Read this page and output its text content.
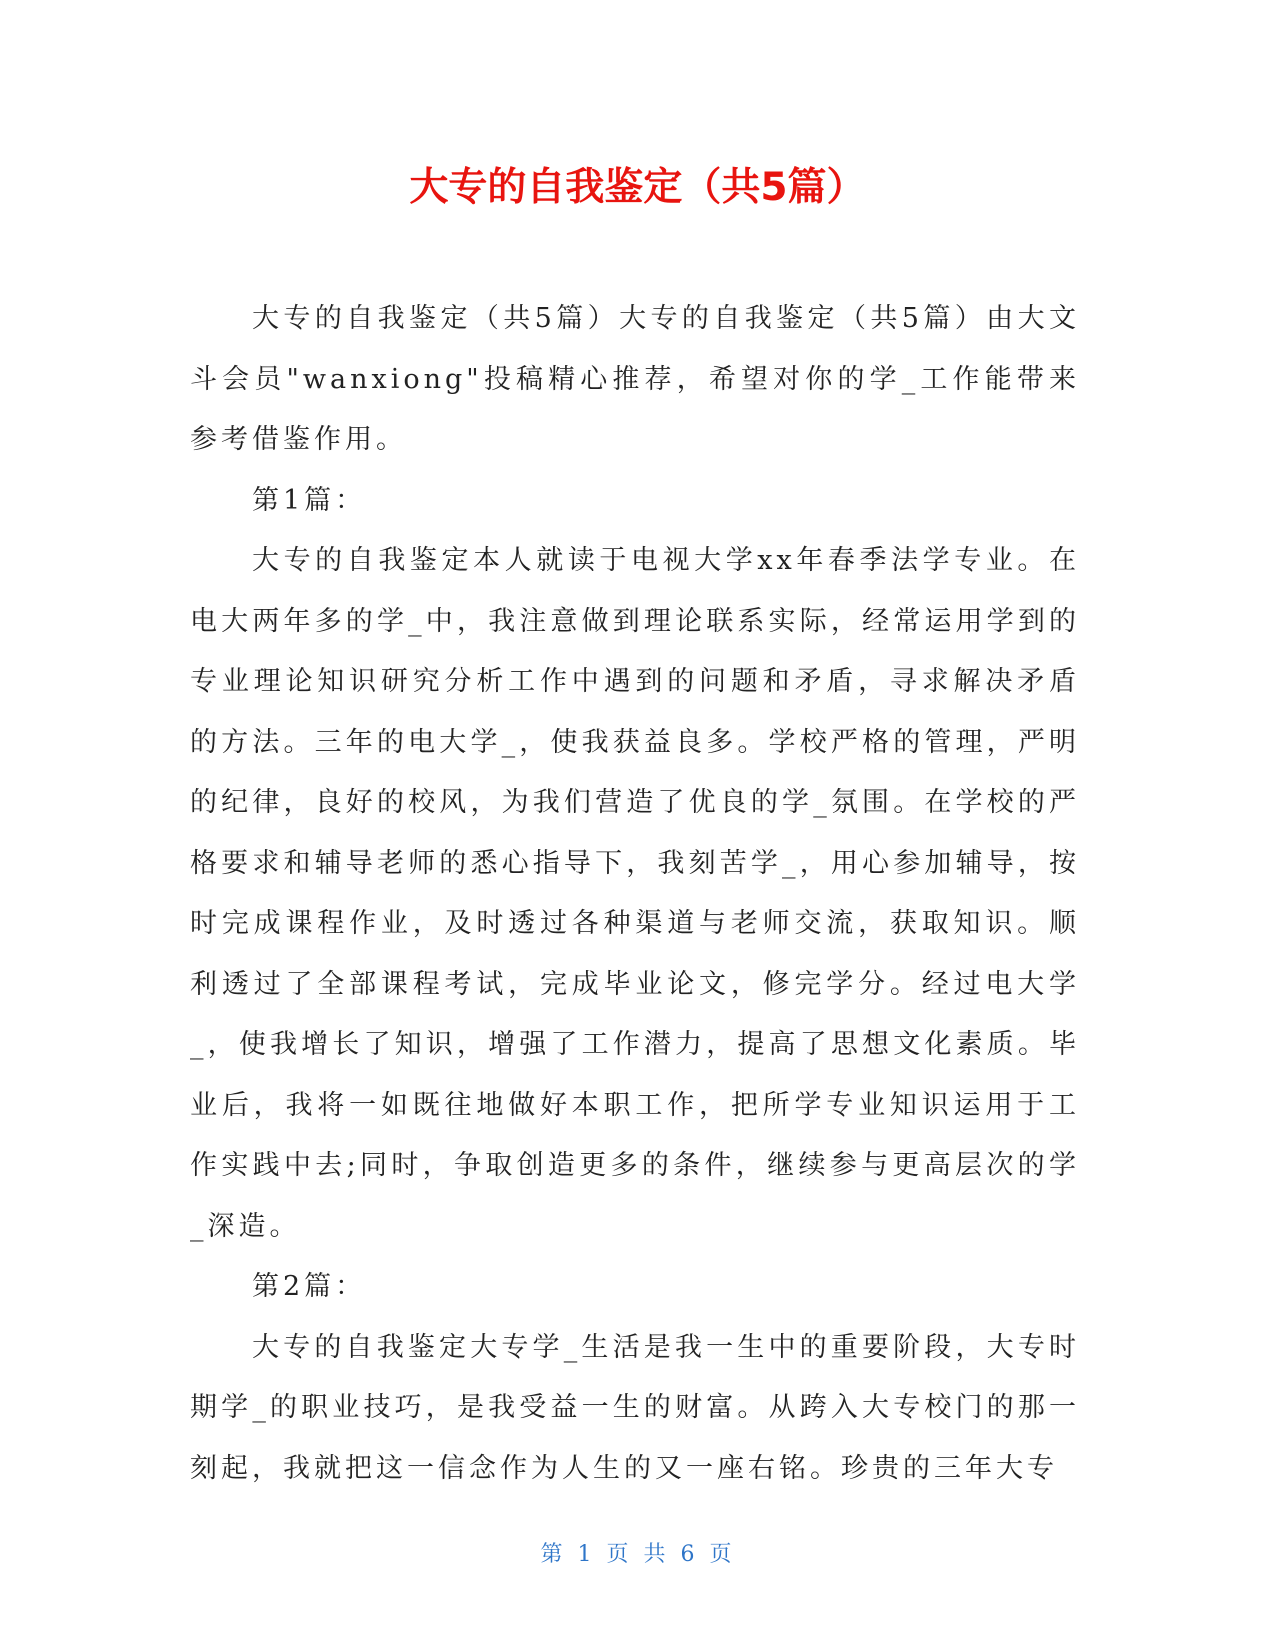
大专的自我鉴定（共5篇）

大专的自我鉴定（共5篇）大专的自我鉴定（共5篇）由大文斗会员"wanxiong"投稿精心推荐，希望对你的学_工作能带来参考借鉴作用。

第1篇：

大专的自我鉴定本人就读于电视大学xx年春季法学专业。在电大两年多的学_中，我注意做到理论联系实际，经常运用学到的专业理论知识研究分析工作中遇到的问题和矛盾，寻求解决矛盾的方法。三年的电大学_，使我获益良多。学校严格的管理，严明的纪律，良好的校风，为我们营造了优良的学_氛围。在学校的严格要求和辅导老师的悉心指导下，我刻苦学_，用心参加辅导，按时完成课程作业，及时透过各种渠道与老师交流，获取知识。顺利透过了全部课程考试，完成毕业论文，修完学分。经过电大学_，使我增长了知识，增强了工作潜力，提高了思想文化素质。毕业后，我将一如既往地做好本职工作，把所学专业知识运用于工作实践中去;同时，争取创造更多的条件，继续参与更高层次的学_深造。

第2篇：

大专的自我鉴定大专学_生活是我一生中的重要阶段，大专时期学_的职业技巧，是我受益一生的财富。从跨入大专校门的那一刻起，我就把这一信念作为人生的又一座右铭。珍贵的三年大专

第 1 页 共 6 页
